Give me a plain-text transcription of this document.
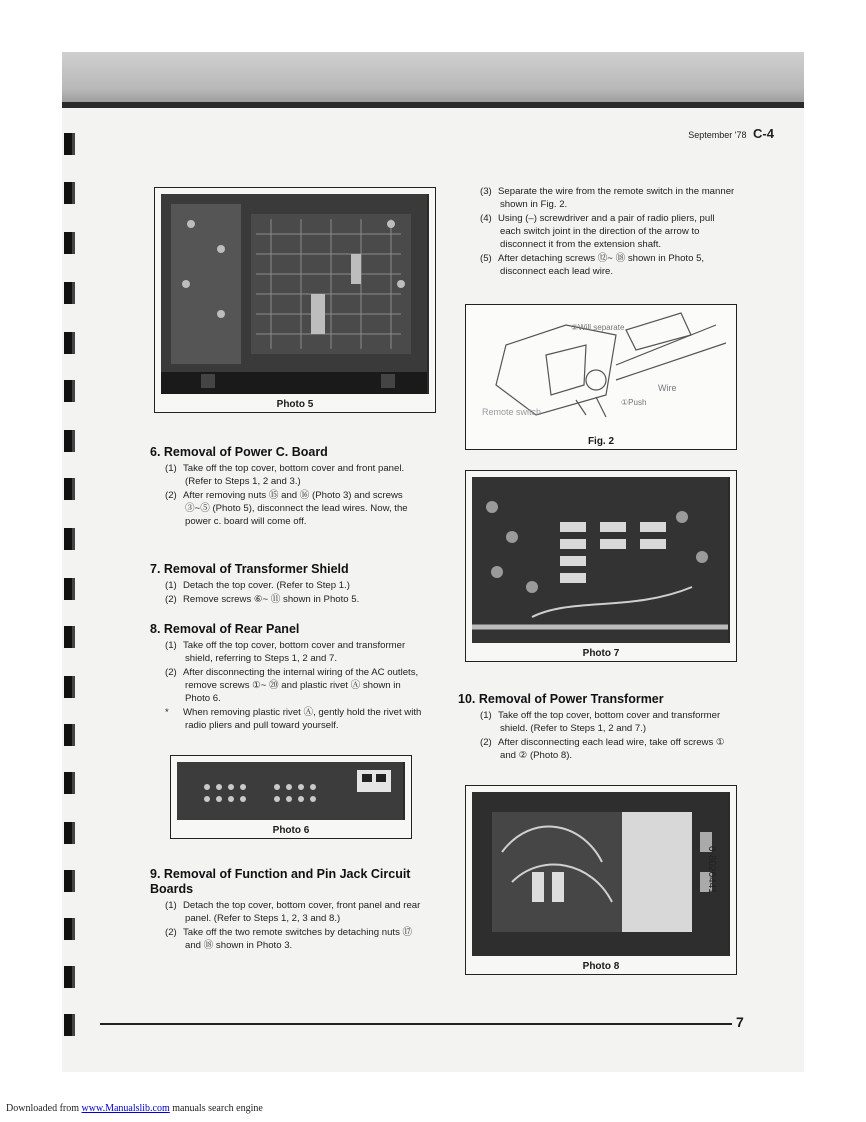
September '78 C-4
Photo 5
(3) Separate the wire from the remote switch in the manner shown in Fig. 2.
(4) Using (–) screwdriver and a pair of radio pliers, pull each switch joint in the direction of the arrow to disconnect it from the extension shaft.
(5) After detaching screws ⑫~ ⑱ shown in Photo 5, disconnect each lead wire.
②Will separate
①Push
Wire
Remote switch
Fig. 2
6. Removal of Power C. Board
(1) Take off the top cover, bottom cover and front panel. (Refer to Steps 1, 2 and 3.)
(2) After removing nuts ⑮ and ⑯ (Photo 3) and screws ③~⑤ (Photo 5), disconnect the lead wires. Now, the power c. board will come off.
Photo 7
7. Removal of Transformer Shield
(1) Detach the top cover. (Refer to Step 1.)
(2) Remove screws ⑥~ ⑪ shown in Photo 5.
8. Removal of Rear Panel
(1) Take off the top cover, bottom cover and transformer shield, referring to Steps 1, 2 and 7.
(2) After disconnecting the internal wiring of the AC outlets, remove screws ①~ ⑳ and plastic rivet Ⓐ shown in Photo 6.
* When removing plastic rivet Ⓐ, gently hold the rivet with radio pliers and pull toward yourself.
10. Removal of Power Transformer
(1) Take off the top cover, bottom cover and transformer shield. (Refer to Steps 1, 2 and 7.)
(2) After disconnecting each lead wire, take off screws ① and ② (Photo 8).
Photo 6
0-8020441
Photo 8
9. Removal of Function and Pin Jack Circuit Boards
(1) Detach the top cover, bottom cover, front panel and rear panel. (Refer to Steps 1, 2, 3 and 8.)
(2) Take off the two remote switches by detaching nuts ⑰ and ⑱ shown in Photo 3.
7
Downloaded from www.Manualslib.com manuals search engine
